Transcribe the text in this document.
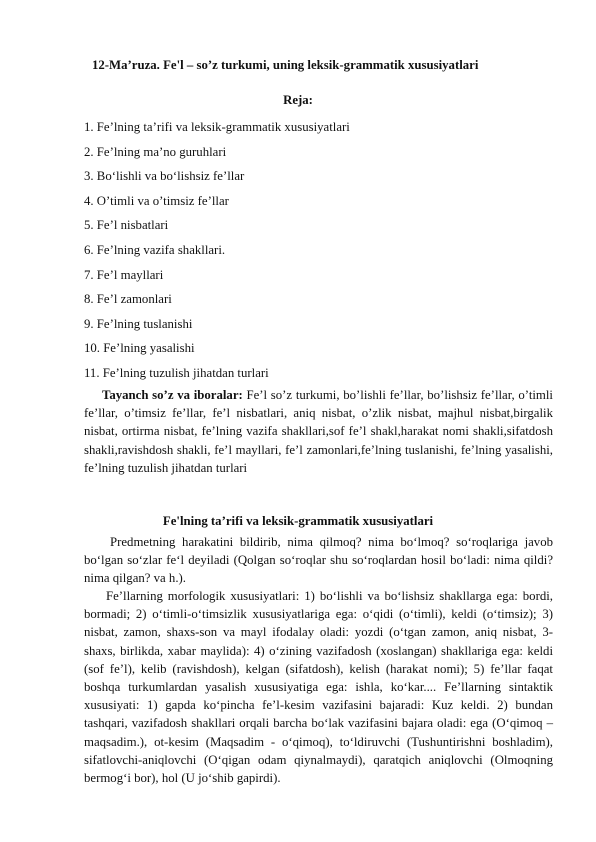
12-Ma’ruza. Fe'l – so’z turkumi, uning leksik-grammatik xususiyatlari
Reja:
1. Fe’lning ta’rifi va leksik-grammatik xususiyatlari
2. Fe’lning ma’no guruhlari
3. Bo‘lishli va bo‘lishsiz fe’llar
4. O’timli va o’timsiz fe’llar
5. Fe’l nisbatlari
6. Fe’lning vazifa shakllari.
7. Fe’l mayllari
8. Fe’l zamonlari
9. Fe’lning tuslanishi
10. Fe’lning yasalishi
11. Fe’lning tuzulish jihatdan turlari

Tayanch so’z va iboralar: Fe’l so’z turkumi, bo’lishli fe’llar, bo’lishsiz fe’llar, o’timli fe’llar, o’timsiz fe’llar, fe’l nisbatlari, aniq nisbat, o’zlik nisbat, majhul nisbat,birgalik nisbat, ortirma nisbat, fe’lning vazifa shakllari,sof fe’l shakl,harakat nomi shakli,sifatdosh shakli,ravishdosh shakli, fe’l mayllari, fe’l zamonlari,fe’lning tuslanishi, fe’lning yasalishi, fe’lning tuzulish jihatdan turlari

Fe'lning ta’rifi va leksik-grammatik xususiyatlari

Predmetning harakatini bildirib, nima qilmoq? nima bo‘lmoq? so‘roqlariga javob bo‘lgan so‘zlar fe‘l deyiladi (Qolgan so‘roqlar shu so‘roqlardan hosil bo‘ladi: nima qildi? nima qilgan? va h.).

Fe’llarning morfologik xususiyatlari: 1) bo‘lishli va bo‘lishsiz shakllarga ega: bordi, bormadi; 2) o‘timli-o‘timsizlik xususiyatlariga ega: o‘qidi (o‘timli), keldi (o‘timsiz); 3) nisbat, zamon, shaxs-son va mayl ifodalay oladi: yozdi (o‘tgan zamon, aniq nisbat, 3-shaxs, birlikda, xabar maylida): 4) o‘zining vazifadosh (xoslangan) shakllariga ega: keldi (sof fe’l), kelib (ravishdosh), kelgan (sifatdosh), kelish (harakat nomi); 5) fe’llar faqat boshqa turkumlardan yasalish xususiyatiga ega: ishla, ko‘kar.... Fe’llarning sintaktik xususiyati: 1) gapda ko‘pincha fe’l-kesim vazifasini bajaradi: Kuz keldi. 2) bundan tashqari, vazifadosh shakllari orqali barcha bo‘lak vazifasini bajara oladi: ega (O‘qimoq – maqsadim.), ot-kesim (Maqsadim - o‘qimoq), to‘ldiruvchi (Tushuntirishni boshladim), sifatlovchi-aniqlovchi (O‘qigan odam qiynalmaydi), qaratqich aniqlovchi (Olmoqning bermog‘i bor), hol (U jo‘shib gapirdi).
